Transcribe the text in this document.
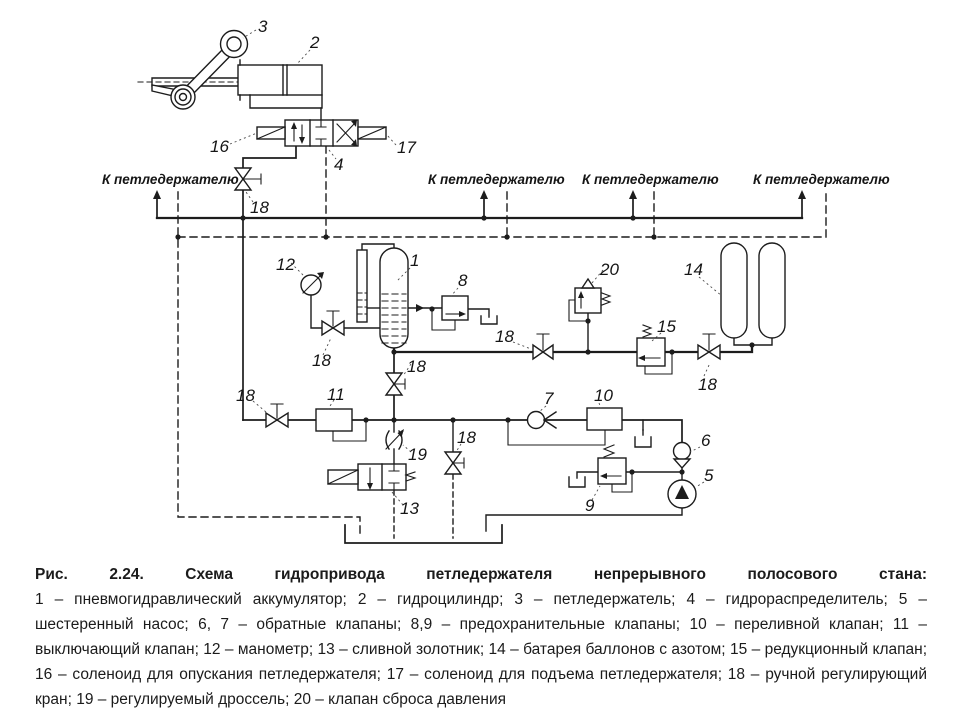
3
2
16	17
4
18
12	1
8
20	14
15
18
18
18	18
18	11
19
18
13
7 10
6
9
5
К петледержателю	К петледержателю К петледержателю	К петледержателю
Рис. 2.24. Схема гидропривода петледержателя непрерывного полосового стана:
1 – пневмогидравлический аккумулятор; 2 – гидроцилиндр; 3 – петледержатель; 4 – гидрораспределитель; 5 – шестеренный насос; 6, 7 – обратные клапаны; 8,9 – предохранительные клапаны; 10 – переливной клапан; 11 – выключающий клапан; 12 – манометр; 13 – сливной золотник; 14 – батарея баллонов с азотом; 15 – редукционный клапан; 16 – соленоид для опускания петледержателя; 17 – соленоид для подъема петледержателя; 18 – ручной регулирующий кран; 19 – регулируемый дроссель; 20 – клапан сброса давления
